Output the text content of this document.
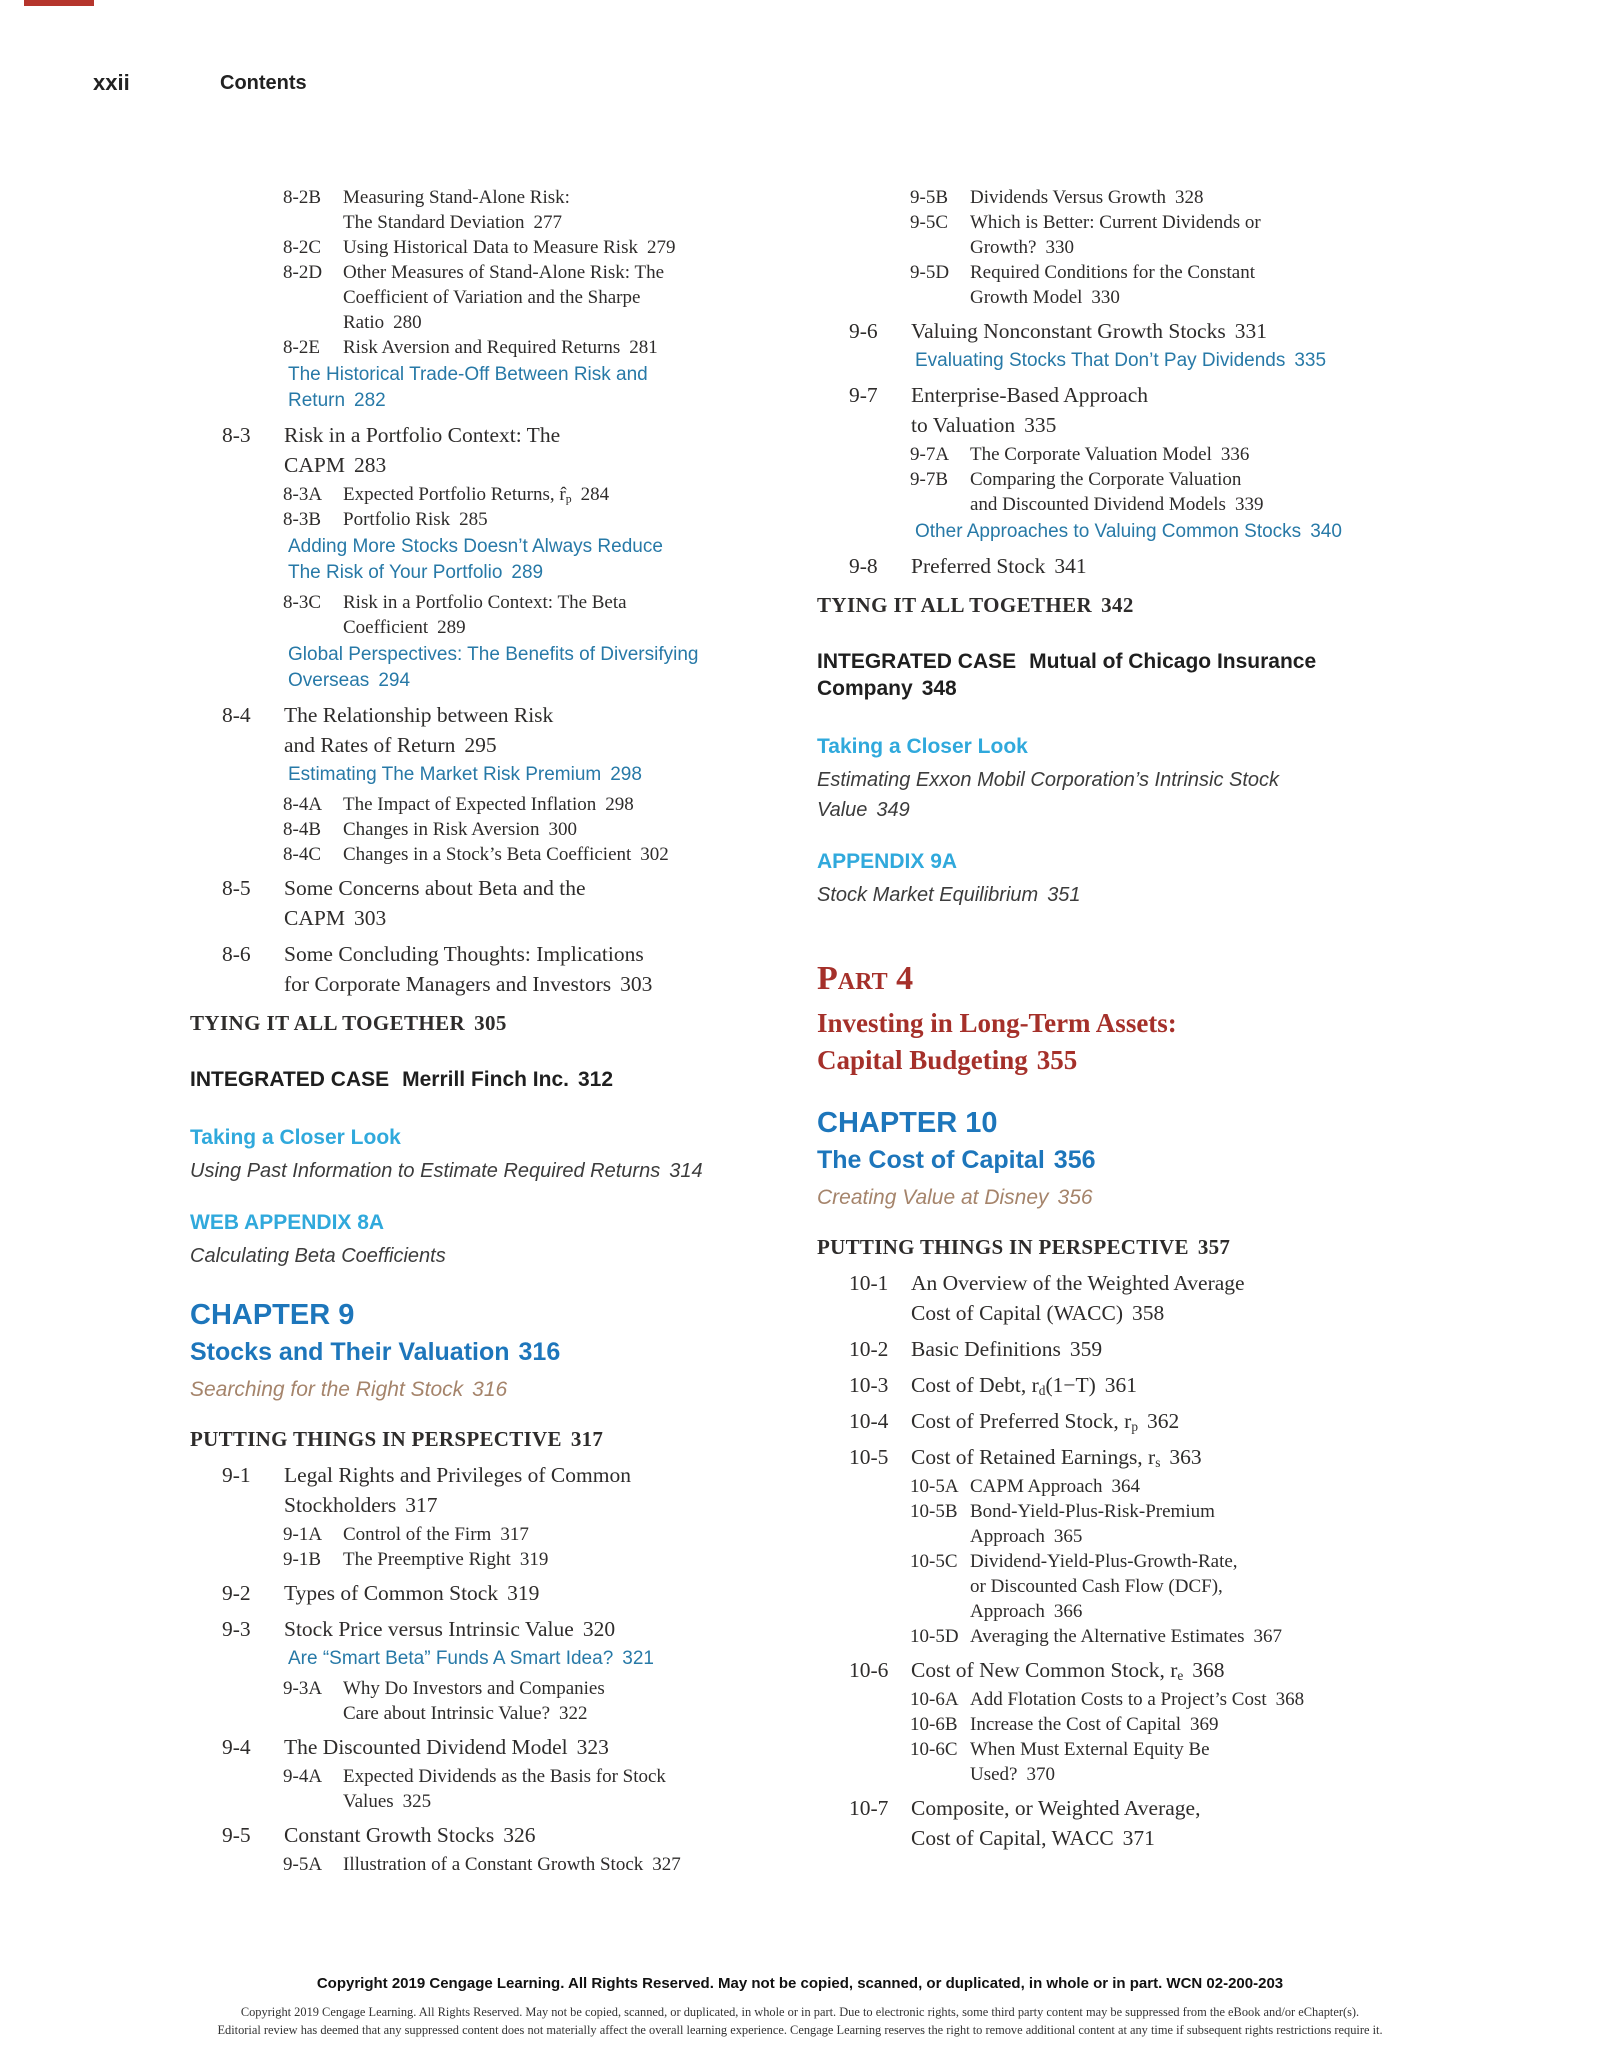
xxii	Contents
8-2B Measuring Stand-Alone Risk:
The Standard Deviation 277
8-2C Using Historical Data to Measure Risk 279
8-2D Other Measures of Stand-Alone Risk: The
Coefficient of Variation and the Sharpe
Ratio 280
8-2E Risk Aversion and Required Returns 281
The Historical Trade-Off Between Risk and
Return 282
8-3 Risk in a Portfolio Context: The
CAPM 283
8-3A Expected Portfolio Returns, $r̂_p$ 284
8-3B Portfolio Risk 285
Adding More Stocks Doesn’t Always Reduce
The Risk of Your Portfolio 289
8-3C Risk in a Portfolio Context: The Beta
Coefficient 289
Global Perspectives: The Benefits of Diversifying
Overseas 294
8-4 The Relationship between Risk
and Rates of Return 295
Estimating The Market Risk Premium 298
8-4A The Impact of Expected Inflation 298
8-4B Changes in Risk Aversion 300
8-4C Changes in a Stock’s Beta Coefficient 302
8-5 Some Concerns about Beta and the
CAPM 303
8-6 Some Concluding Thoughts: Implications
for Corporate Managers and Investors 303
TYING IT ALL TOGETHER 305
INTEGRATED CASE Merrill Finch Inc. 312
Taking a Closer Look
Using Past Information to Estimate Required Returns 314
WEB APPENDIX 8A
Calculating Beta Coefficients
CHAPTER 9
Stocks and Their Valuation 316
Searching for the Right Stock 316
PUTTING THINGS IN PERSPECTIVE 317
9-1 Legal Rights and Privileges of Common
Stockholders 317
9-1A Control of the Firm 317
9-1B The Preemptive Right 319
9-2 Types of Common Stock 319
9-3 Stock Price versus Intrinsic Value 320
Are “Smart Beta” Funds A Smart Idea? 321
9-3A Why Do Investors and Companies
Care about Intrinsic Value? 322
9-4 The Discounted Dividend Model 323
9-4A Expected Dividends as the Basis for Stock
Values 325
9-5 Constant Growth Stocks 326
9-5A Illustration of a Constant Growth Stock 327
9-5B Dividends Versus Growth 328
9-5C Which is Better: Current Dividends or
Growth? 330
9-5D Required Conditions for the Constant
Growth Model 330
9-6 Valuing Nonconstant Growth Stocks 331
Evaluating Stocks That Don’t Pay Dividends 335
9-7 Enterprise-Based Approach
to Valuation 335
9-7A The Corporate Valuation Model 336
9-7B Comparing the Corporate Valuation
and Discounted Dividend Models 339
Other Approaches to Valuing Common Stocks 340
9-8 Preferred Stock 341
TYING IT ALL TOGETHER 342
INTEGRATED CASE Mutual of Chicago Insurance
Company 348
Taking a Closer Look
Estimating Exxon Mobil Corporation’s Intrinsic Stock
Value 349
APPENDIX 9A
Stock Market Equilibrium 351
Part 4
Investing in Long-Term Assets:
Capital Budgeting 355
CHAPTER 10
The Cost of Capital 356
Creating Value at Disney 356
PUTTING THINGS IN PERSPECTIVE 357
10-1 An Overview of the Weighted Average
Cost of Capital (WACC) 358
10-2 Basic Definitions 359
10-3 Cost of Debt, $r_d(1-T)$ 361
10-4 Cost of Preferred Stock, $r_p$ 362
10-5 Cost of Retained Earnings, $r_s$ 363
10-5A CAPM Approach 364
10-5B Bond-Yield-Plus-Risk-Premium
Approach 365
10-5C Dividend-Yield-Plus-Growth-Rate,
or Discounted Cash Flow (DCF),
Approach 366
10-5D Averaging the Alternative Estimates 367
10-6 Cost of New Common Stock, $r_e$ 368
10-6A Add Flotation Costs to a Project’s Cost 368
10-6B Increase the Cost of Capital 369
10-6C When Must External Equity Be
Used? 370
10-7 Composite, or Weighted Average,
Cost of Capital, WACC 371
Copyright 2019 Cengage Learning. All Rights Reserved. May not be copied, scanned, or duplicated, in whole or in part. WCN 02-200-203
Copyright 2019 Cengage Learning. All Rights Reserved. May not be copied, scanned, or duplicated, in whole or in part. Due to electronic rights, some third party content may be suppressed from the eBook and/or eChapter(s).
Editorial review has deemed that any suppressed content does not materially affect the overall learning experience. Cengage Learning reserves the right to remove additional content at any time if subsequent rights restrictions require it.
